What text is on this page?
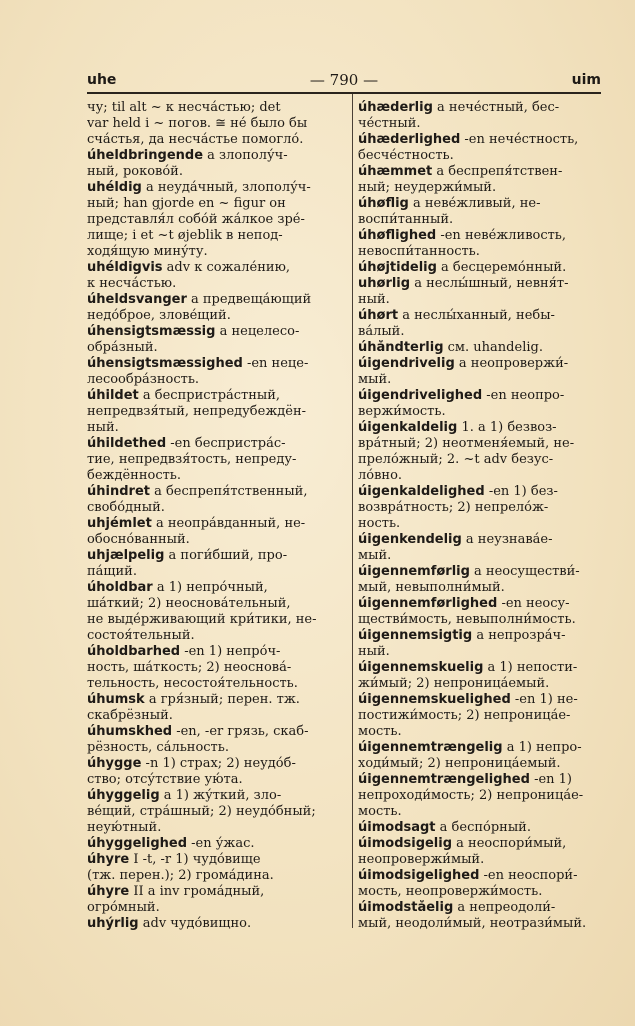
uhe	— 790 —	uim
чу; til alt ~ к несча́стью; det
var held i ~ погов. ≅ не́ было бы
сча́стья, да несча́стье помогло́.
úheldbringende a злополу́ч-
ный, роково́й.
uhéldig a неуда́чный, злополу́ч-
ный; han gjorde en ~ figur он
представля́л собо́й жа́лкое зре́-
лище; i et ~t øjeblik в непод-
ходя́щую мину́ту.
uhéldigvis adv к сожале́нию,
к несча́стью.
úheldsvanger a предвеща́ющий
недо́брое, злове́щий.
úhensigtsmæssig a нецелесо-
обра́зный.
úhensigtsmæssighed -en неце-
лесообра́зность.
úhildet a беспристра́стный,
непредвзя́тый, непредубеждён-
ный.
úhildethed -en беспристра́с-
тие, непредвзя́тость, непреду-
беждённость.
úhindret a беспрепя́тственный,
свобо́дный.
uhjémlet a неопра́вданный, не-
обосно́ванный.
uhjælpelig a поги́бший, про-
па́щий.
úholdbar a 1) непро́чный,
ша́ткий; 2) неоснова́тельный,
не выде́рживающий кри́тики, не-
состоя́тельный.
úholdbarhed -en 1) непро́ч-
ность, ша́ткость; 2) неоснова́-
тельность, несостоя́тельность.
úhumsk a гря́зный; перен. тж.
скабрёзный.
úhumskhed -en, -er грязь, скаб-
рёзность, са́льность.
úhygge -n 1) страх; 2) неудо́б-
ство; отсу́тствие ую́та.
úhyggelig a 1) жу́ткий, зло-
ве́щий, стра́шный; 2) неудо́бный;
неую́тный.
úhyggelighed -en у́жас.
úhyre I -t, -r 1) чудо́вище
(тж. перен.); 2) грома́дина.
úhyre II a inv грома́дный,
огро́мный.
uhýrlig adv чудо́вищно.
úhæderlig a нече́стный, бес-
че́стный.
úhæderlighed -en нече́стность,
бесче́стность.
úhæmmet a беспрепя́тствен-
ный; неудержи́мый.
úhøflig a неве́жливый, не-
воспи́танный.
úhøflighed -en неве́жливость,
невоспи́танность.
úhøjtidelig a бесцеремо́нный.
uhørlig a неслы́шный, невня́т-
ный.
úhørt a неслы́ханный, небы-
ва́лый.
úhåndterlig см. uhandelig.
úigendrivelig a неопровержи́-
мый.
úigendrivelighed -en неопро-
вержи́мость.
úigenkaldelig 1. a 1) безвоз-
вра́тный; 2) неотменя́емый, не-
прело́жный; 2. ~t adv безус-
ло́вно.
úigenkaldelighed -en 1) без-
возвра́тность; 2) непрело́ж-
ность.
úigenkendelig a неузнава́е-
мый.
úigennemførlig a неосуществи́-
мый, невыполни́мый.
úigennemførlighed -en неосу-
ществи́мость, невыполни́мость.
úigennemsigtig a непрозра́ч-
ный.
úigennemskuelig a 1) непости-
жи́мый; 2) непроница́емый.
úigennemskuelighed -en 1) не-
постижи́мость; 2) непроница́е-
мость.
úigennemtrængelig a 1) непро-
ходи́мый; 2) непроница́емый.
úigennemtrængelighed -en 1)
непроходи́мость; 2) непроница́е-
мость.
úimodsagt a беспо́рный.
úimodsigelig a неоспори́мый,
неопровержи́мый.
úimodsigelighed -en неоспори́-
мость, неопровержи́мость.
úimodståelig a непреодоли́-
мый, неодоли́мый, неотрази́мый.
